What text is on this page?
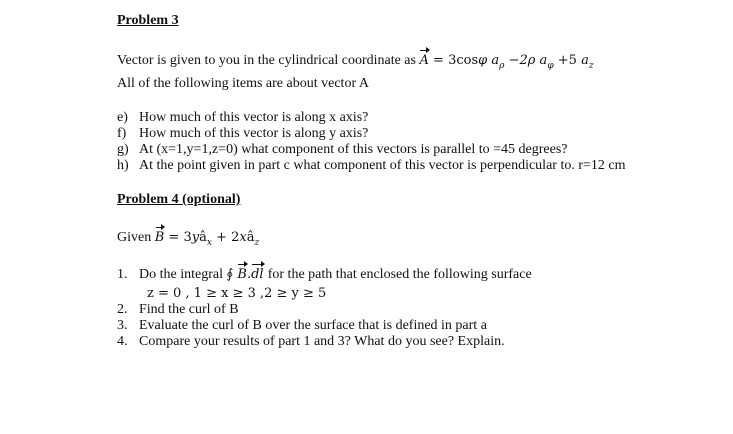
Problem 3
Vector is given to you in the cylindrical coordinate as A = 3cosφ $a_\rho -2\rho$ $a_\varphi +5$ $a_z$
All of the following items are about vector A
e) How much of this vector is along x axis?
f) How much of this vector is along y axis?
g) At (x=1,y=1,z=0) what component of this vectors is parallel to =45 degrees?
h) At the point given in part c what component of this vector is perpendicular to. r=12 cm
Problem 4 (optional)
Given $B = 3yâ_x$ + $2xâ_z$
1. Do the integral ∮ B.dl for the path that enclosed the following surface
z = 0 , 1 ≥ x ≥ 3 ,2 ≥ y ≥ 5
2. Find the curl of B
3. Evaluate the curl of B over the surface that is defined in part a
4. Compare your results of part 1 and 3? What do you see? Explain.
